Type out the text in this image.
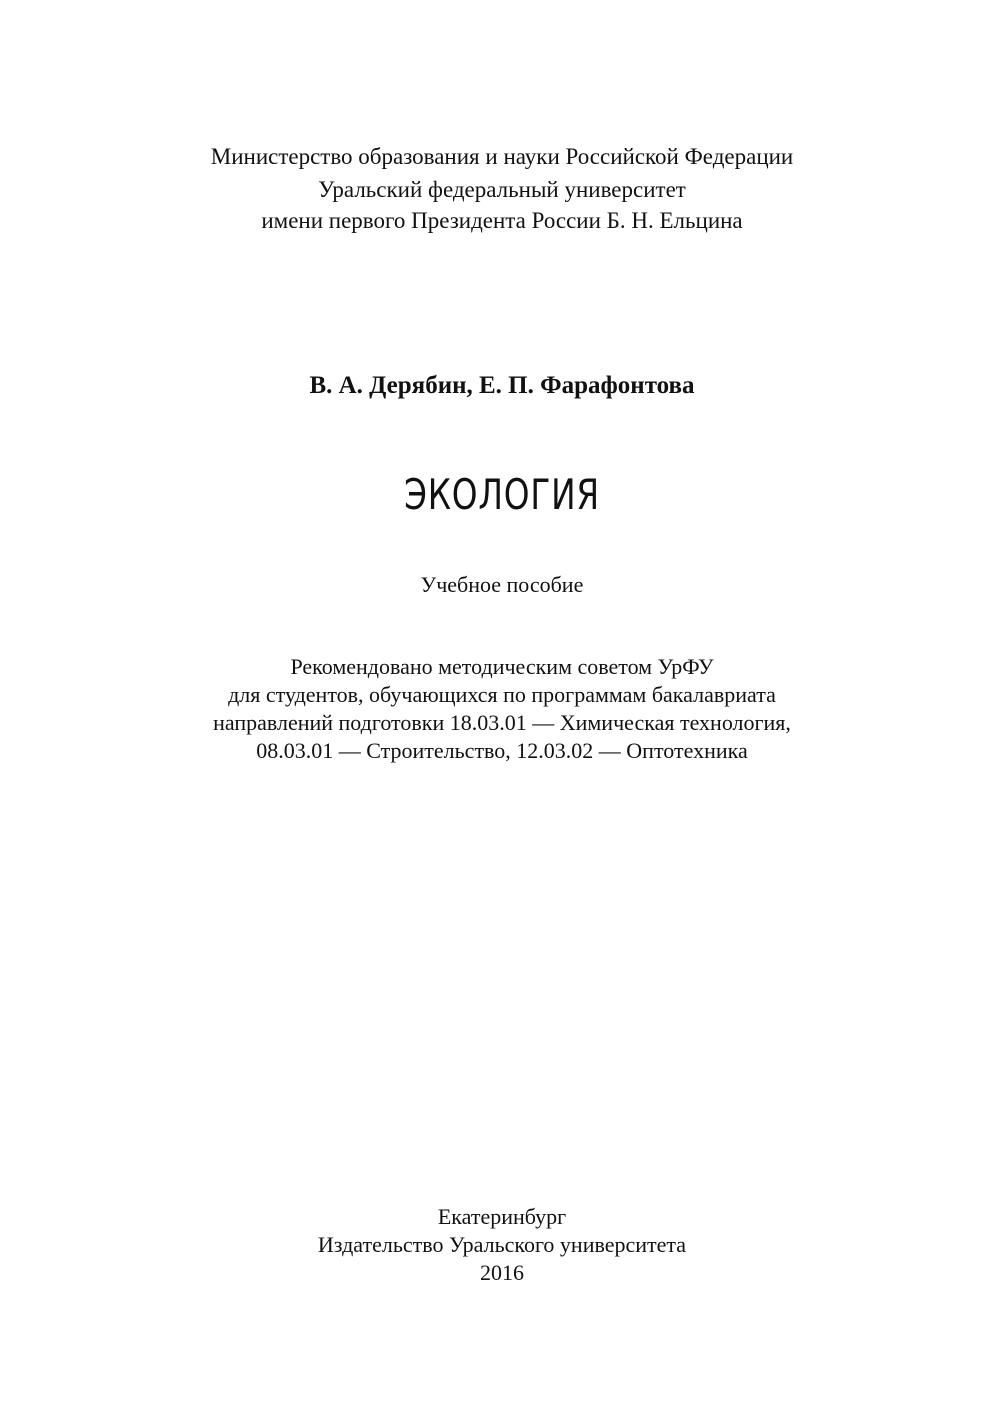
Министерство образования и науки Российской Федерации
Уральский федеральный университет
имени первого Президента России Б. Н. Ельцина
В. А. Дерябин, Е. П. Фарафонтова
ЭКОЛОГИЯ
Учебное пособие
Рекомендовано методическим советом УрФУ
для студентов, обучающихся по программам бакалавриата
направлений подготовки 18.03.01 — Химическая технология,
08.03.01 — Строительство, 12.03.02 — Оптотехника
Екатеринбург
Издательство Уральского университета
2016
